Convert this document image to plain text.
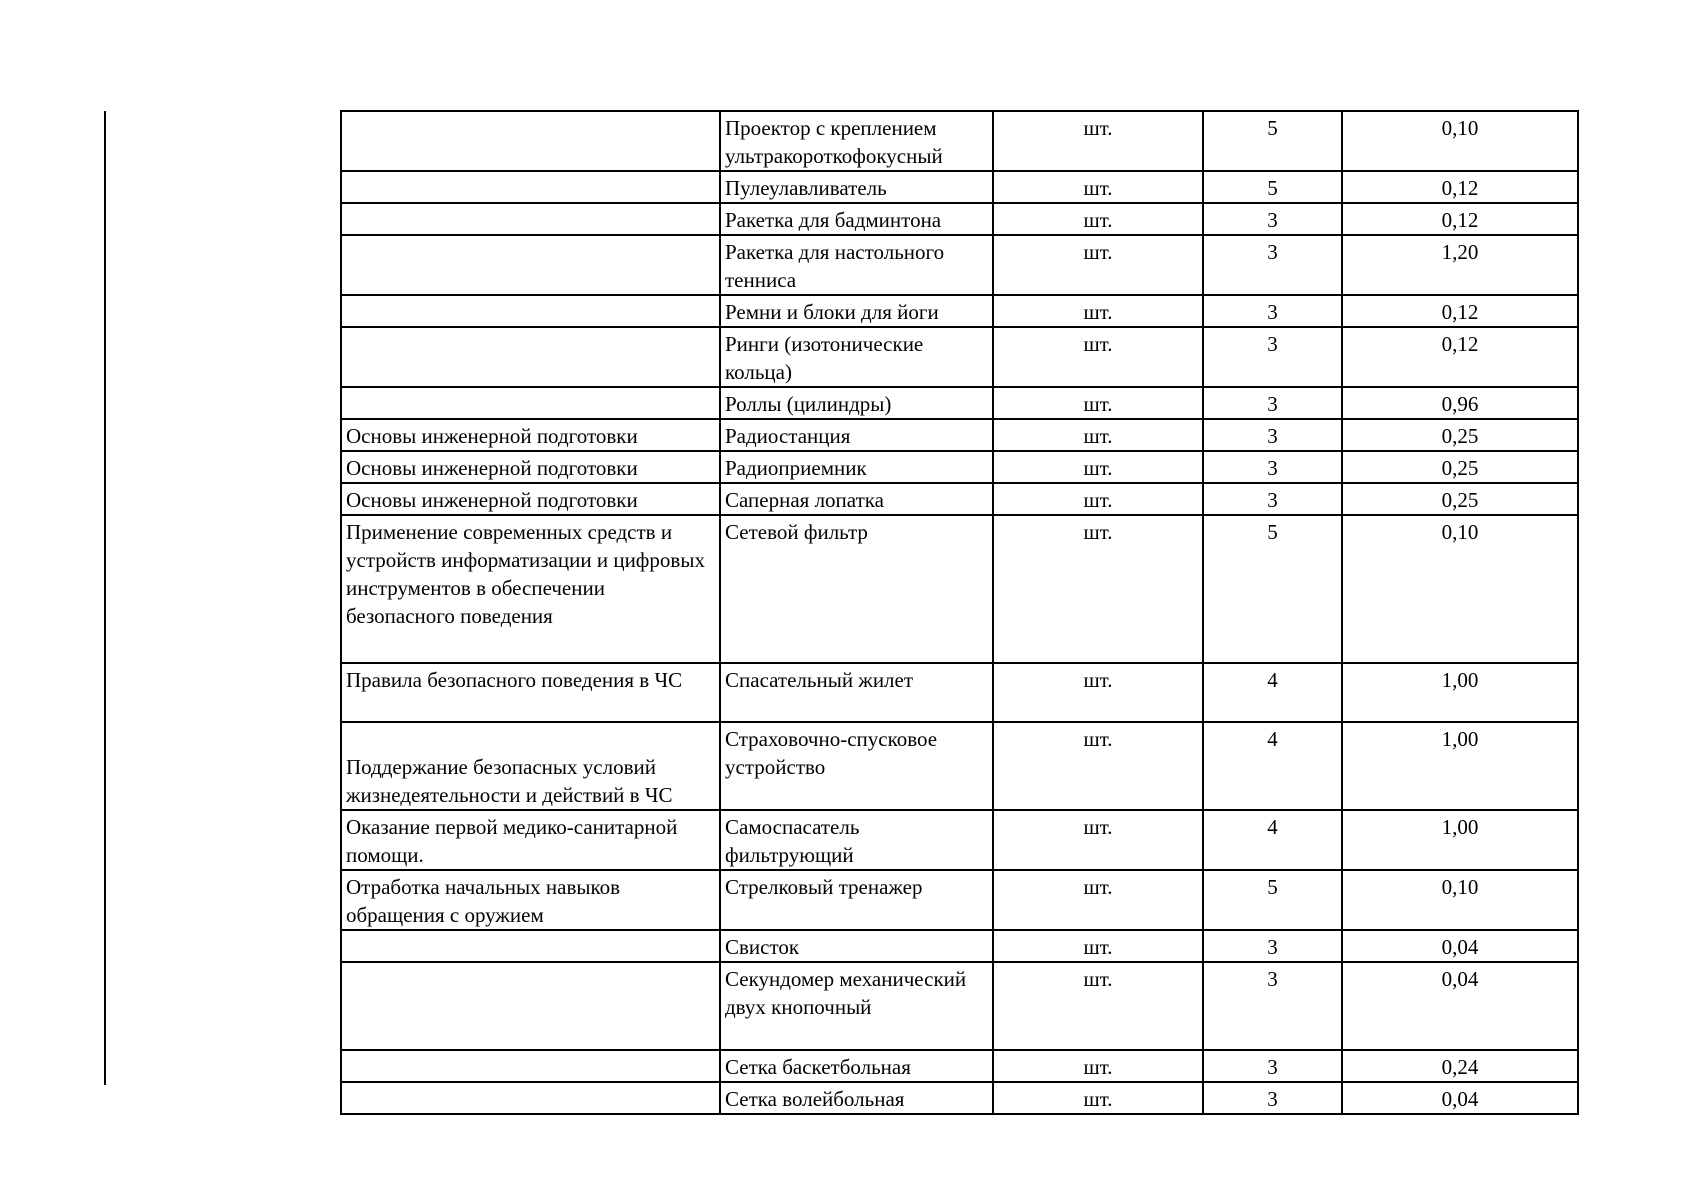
	Проектор с креплением ультракороткофокусный	шт.	5	0,10
	Пулеулавливатель	шт.	5	0,12
	Ракетка для бадминтона	шт.	3	0,12
	Ракетка для настольного тенниса	шт.	3	1,20
	Ремни и блоки для йоги	шт.	3	0,12
	Ринги (изотонические кольца)	шт.	3	0,12
	Роллы (цилиндры)	шт.	3	0,96
Основы инженерной подготовки	Радиостанция	шт.	3	0,25
Основы инженерной подготовки	Радиоприемник	шт.	3	0,25
Основы инженерной подготовки	Саперная лопатка	шт.	3	0,25
Применение современных средств и устройств информатизации и цифровых инструментов в обеспечении безопасного поведения	Сетевой фильтр	шт.	5	0,10
Правила безопасного поведения в ЧС	Спасательный жилет	шт.	4	1,00

Поддержание безопасных условий жизнедеятельности и действий в ЧС	Страховочно-спусковое устройство	шт.	4	1,00
Оказание первой медико-санитарной помощи.	Самоспасатель фильтрующий	шт.	4	1,00
Отработка начальных навыков обращения с оружием	Стрелковый тренажер	шт.	5	0,10
	Свисток	шт.	3	0,04
	Секундомер механический двух кнопочный	шт.	3	0,04
	Сетка баскетбольная	шт.	3	0,24
	Сетка волейбольная	шт.	3	0,04
